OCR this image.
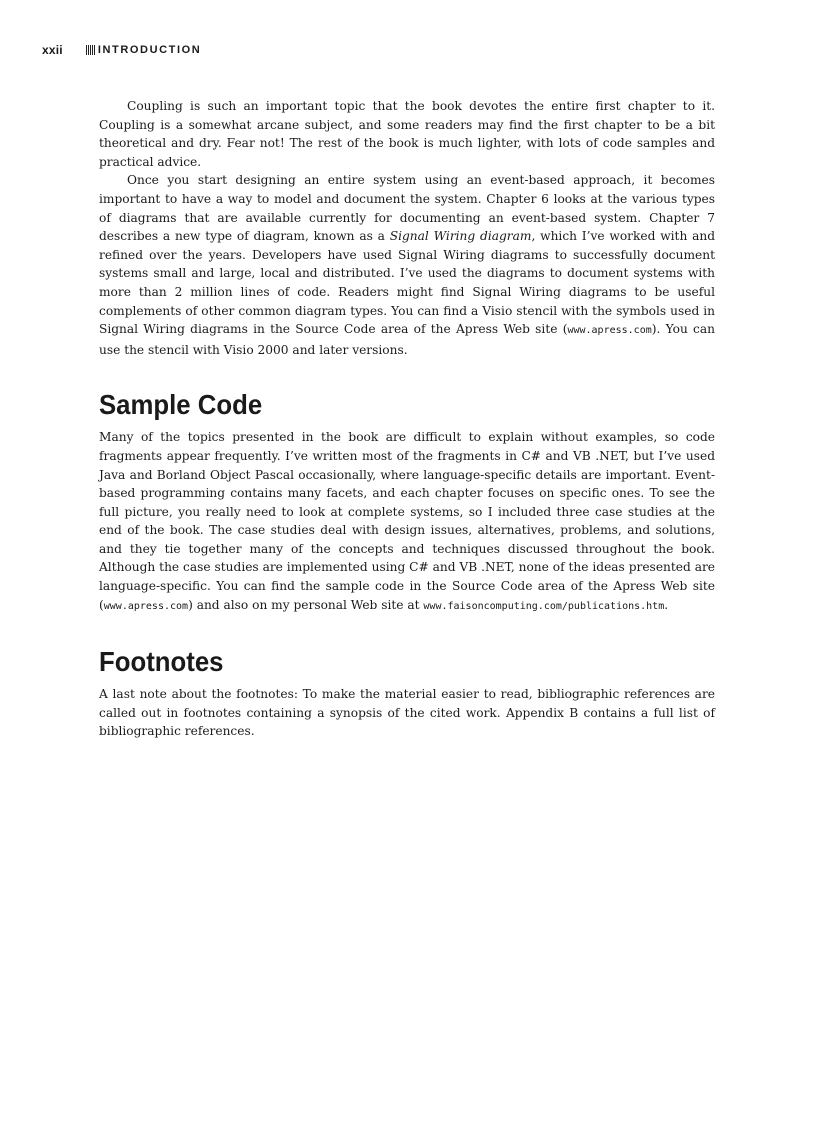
xxii	INTRODUCTION

Coupling is such an important topic that the book devotes the entire first chapter to it. Coupling is a somewhat arcane subject, and some readers may find the first chapter to be a bit theoretical and dry. Fear not! The rest of the book is much lighter, with lots of code samples and practical advice.

Once you start designing an entire system using an event-based approach, it becomes important to have a way to model and document the system. Chapter 6 looks at the various types of diagrams that are available currently for documenting an event-based system. Chapter 7 describes a new type of diagram, known as a Signal Wiring diagram, which I’ve worked with and refined over the years. Developers have used Signal Wiring diagrams to successfully document systems small and large, local and distributed. I’ve used the diagrams to document systems with more than 2 million lines of code. Readers might find Signal Wiring diagrams to be useful complements of other common diagram types. You can find a Visio stencil with the symbols used in Signal Wiring diagrams in the Source Code area of the Apress Web site (www.apress.com). You can use the stencil with Visio 2000 and later versions.

Sample Code

Many of the topics presented in the book are difficult to explain without examples, so code fragments appear frequently. I’ve written most of the fragments in C# and VB .NET, but I’ve used Java and Borland Object Pascal occasionally, where language-specific details are important. Event-based programming contains many facets, and each chapter focuses on specific ones. To see the full picture, you really need to look at complete systems, so I included three case studies at the end of the book. The case studies deal with design issues, alternatives, problems, and solutions, and they tie together many of the concepts and techniques discussed throughout the book. Although the case studies are implemented using C# and VB .NET, none of the ideas presented are language-specific. You can find the sample code in the Source Code area of the Apress Web site (www.apress.com) and also on my personal Web site at www.faisoncomputing.com/publications.htm.

Footnotes

A last note about the footnotes: To make the material easier to read, bibliographic references are called out in footnotes containing a synopsis of the cited work. Appendix B contains a full list of bibliographic references.
